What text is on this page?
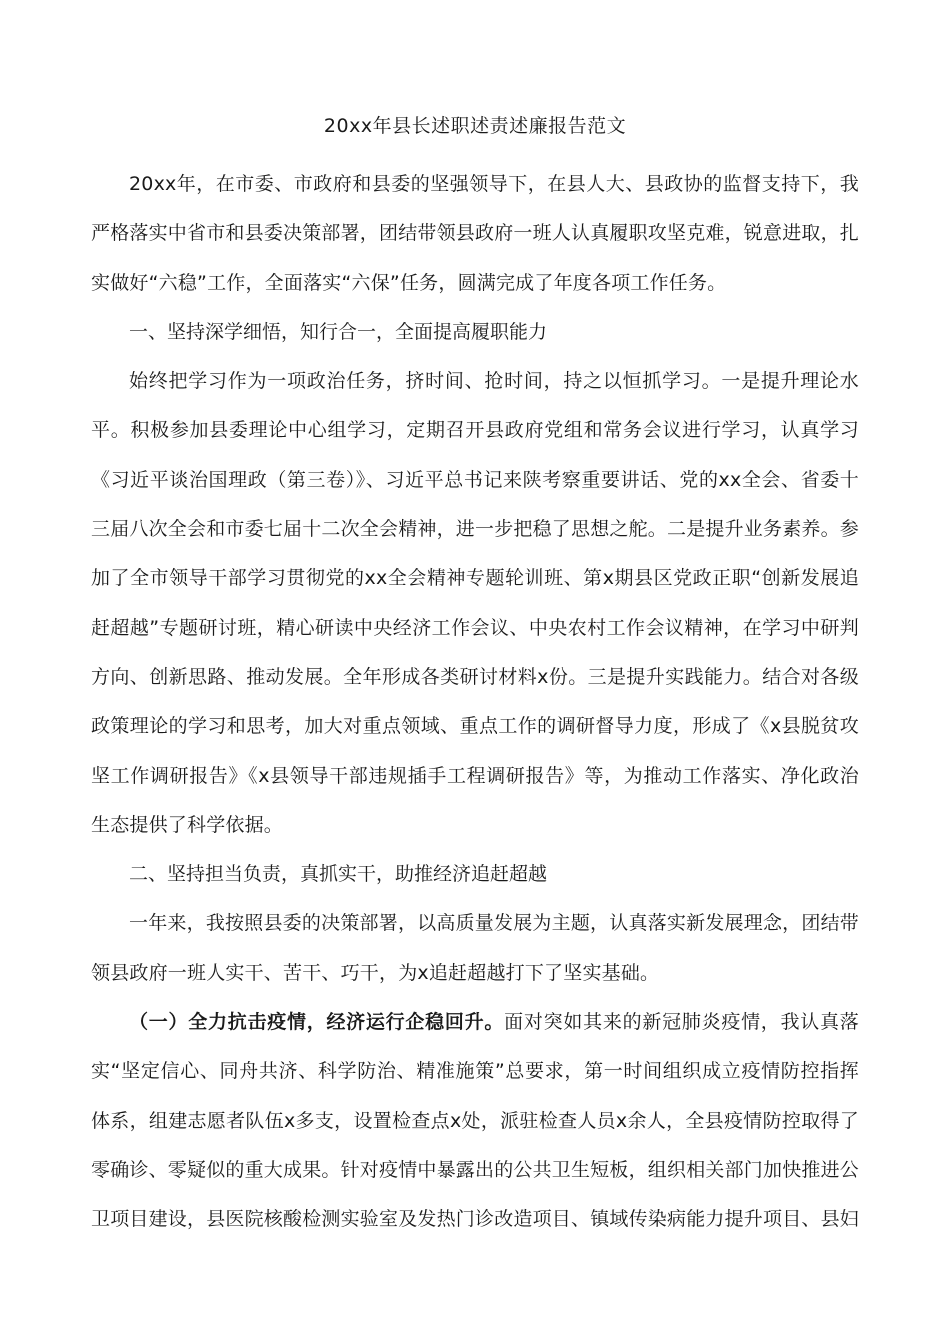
20xx年县长述职述责述廉报告范文

20xx年，在市委、市政府和县委的坚强领导下，在县人大、县政协的监督支持下，我严格落实中省市和县委决策部署，团结带领县政府一班人认真履职攻坚克难，锐意进取，扎实做好“六稳”工作，全面落实“六保”任务，圆满完成了年度各项工作任务。

一、坚持深学细悟，知行合一，全面提高履职能力

始终把学习作为一项政治任务，挤时间、抢时间，持之以恒抓学习。一是提升理论水平。积极参加县委理论中心组学习，定期召开县政府党组和常务会议进行学习，认真学习《习近平谈治国理政（第三卷）》、习近平总书记来陕考察重要讲话、党的xx全会、省委十三届八次全会和市委七届十二次全会精神，进一步把稳了思想之舵。二是提升业务素养。参加了全市领导干部学习贯彻党的xx全会精神专题轮训班、第x期县区党政正职“创新发展追赶超越”专题研讨班，精心研读中央经济工作会议、中央农村工作会议精神，在学习中研判方向、创新思路、推动发展。全年形成各类研讨材料x份。三是提升实践能力。结合对各级政策理论的学习和思考，加大对重点领域、重点工作的调研督导力度，形成了《x县脱贫攻坚工作调研报告》《x县领导干部违规插手工程调研报告》等，为推动工作落实、净化政治生态提供了科学依据。

二、坚持担当负责，真抓实干，助推经济追赶超越

一年来，我按照县委的决策部署，以高质量发展为主题，认真落实新发展理念，团结带领县政府一班人实干、苦干、巧干，为x追赶超越打下了坚实基础。

（一）全力抗击疫情，经济运行企稳回升。面对突如其来的新冠肺炎疫情，我认真落实“坚定信心、同舟共济、科学防治、精准施策”总要求，第一时间组织成立疫情防控指挥体系，组建志愿者队伍x多支，设置检查点x处，派驻检查人员x余人，全县疫情防控取得了零确诊、零疑似的重大成果。针对疫情中暴露出的公共卫生短板，组织相关部门加快推进公卫项目建设，县医院核酸检测实验室及发热门诊改造项目、镇域传染病能力提升项目、县妇
